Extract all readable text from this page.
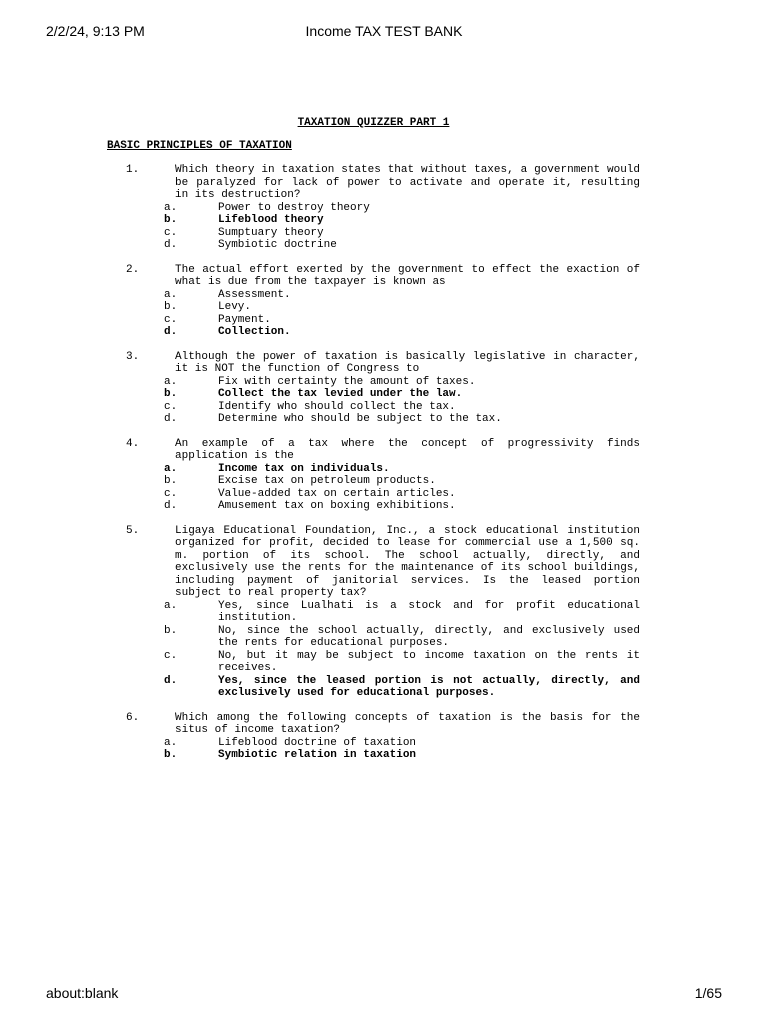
2/2/24, 9:13 PM	Income TAX TEST BANK
TAXATION QUIZZER PART 1
BASIC PRINCIPLES OF TAXATION
1.	Which theory in taxation states that without taxes, a government would be paralyzed for lack of power to activate and operate it, resulting in its destruction?
a.	Power to destroy theory
b.	Lifeblood theory
c.	Sumptuary theory
d.	Symbiotic doctrine
2.	The actual effort exerted by the government to effect the exaction of what is due from the taxpayer is known as
a.	Assessment.
b.	Levy.
c.	Payment.
d.	Collection.
3.	Although the power of taxation is basically legislative in character, it is NOT the function of Congress to
a.	Fix with certainty the amount of taxes.
b.	Collect the tax levied under the law.
c.	Identify who should collect the tax.
d.	Determine who should be subject to the tax.
4.	An example of a tax where the concept of progressivity finds application is the
a.	Income tax on individuals.
b.	Excise tax on petroleum products.
c.	Value-added tax on certain articles.
d.	Amusement tax on boxing exhibitions.
5.	Ligaya Educational Foundation, Inc., a stock educational institution organized for profit, decided to lease for commercial use a 1,500 sq. m. portion of its school. The school actually, directly, and exclusively use the rents for the maintenance of its school buildings, including payment of janitorial services. Is the leased portion subject to real property tax?
a.	Yes, since Lualhati is a stock and for profit educational institution.
b.	No, since the school actually, directly, and exclusively used the rents for educational purposes.
c.	No, but it may be subject to income taxation on the rents it receives.
d.	Yes, since the leased portion is not actually, directly, and exclusively used for educational purposes.
6.	Which among the following concepts of taxation is the basis for the situs of income taxation?
a.	Lifeblood doctrine of taxation
b.	Symbiotic relation in taxation
about:blank	1/65
